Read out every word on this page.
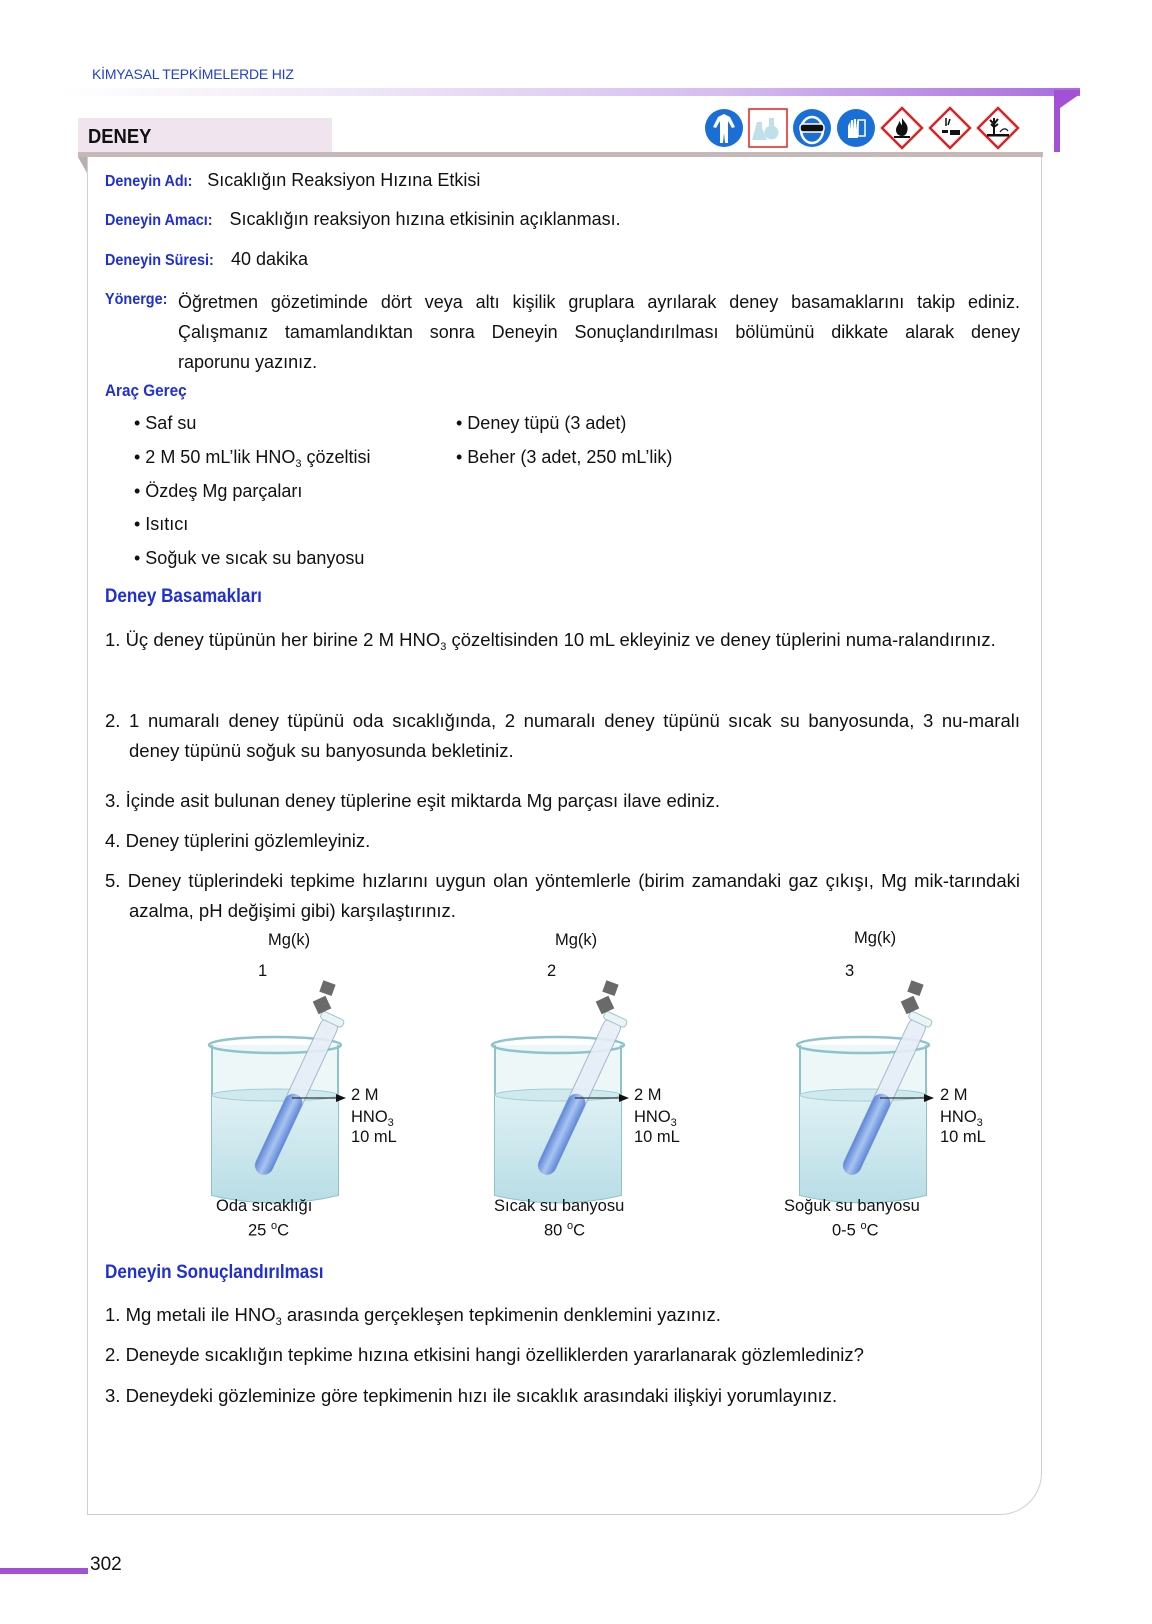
KİMYASAL TEPKİMELERDE HIZ
DENEY
Deneyin Adı: Sıcaklığın Reaksiyon Hızına Etkisi
Deneyin Amacı: Sıcaklığın reaksiyon hızına etkisinin açıklanması.
Deneyin Süresi: 40 dakika
Yönerge: Öğretmen gözetiminde dört veya altı kişilik gruplara ayrılarak deney basamaklarını takip ediniz.
Çalışmanız tamamlandıktan sonra Deneyin Sonuçlandırılması bölümünü dikkate alarak deney
raporunu yazınız.
Araç Gereç
• Saf su
• 2 M 50 mL’lik $HNO_3$ çözeltisi
• Özdeş Mg parçaları
• Isıtıcı
• Soğuk ve sıcak su banyosu
• Deney tüpü (3 adet)
• Beher (3 adet, 250 mL’lik)
Deney Basamakları
1. Üç deney tüpünün her birine 2 M $HNO_3$ çözeltisinden 10 mL ekleyiniz ve deney tüplerini numa-ralandırınız.
2. 1 numaralı deney tüpünü oda sıcaklığında, 2 numaralı deney tüpünü sıcak su banyosunda, 3 nu-maralı deney tüpünü soğuk su banyosunda bekletiniz.
3. İçinde asit bulunan deney tüplerine eşit miktarda Mg parçası ilave ediniz.
4. Deney tüplerini gözlemleyiniz.
5. Deney tüplerindeki tepkime hızlarını uygun olan yöntemlerle (birim zamandaki gaz çıkışı, Mg mik-tarındaki azalma, pH değişimi gibi) karşılaştırınız.
Mg(k)
1
2 M
$HNO_3$
10 mL
Oda sıcaklığı
25 $^o$C
Mg(k)
2
2 M
$HNO_3$
10 mL
Sıcak su banyosu
80 $^o$C
Mg(k)
3
2 M
$HNO_3$
10 mL
Soğuk su banyosu
0-5 $^o$C
Deneyin Sonuçlandırılması
1. Mg metali ile $HNO_3$ arasında gerçekleşen tepkimenin denklemini yazınız.
2. Deneyde sıcaklığın tepkime hızına etkisini hangi özelliklerden yararlanarak gözlemlediniz?
3. Deneydeki gözleminize göre tepkimenin hızı ile sıcaklık arasındaki ilişkiyi yorumlayınız.
302
